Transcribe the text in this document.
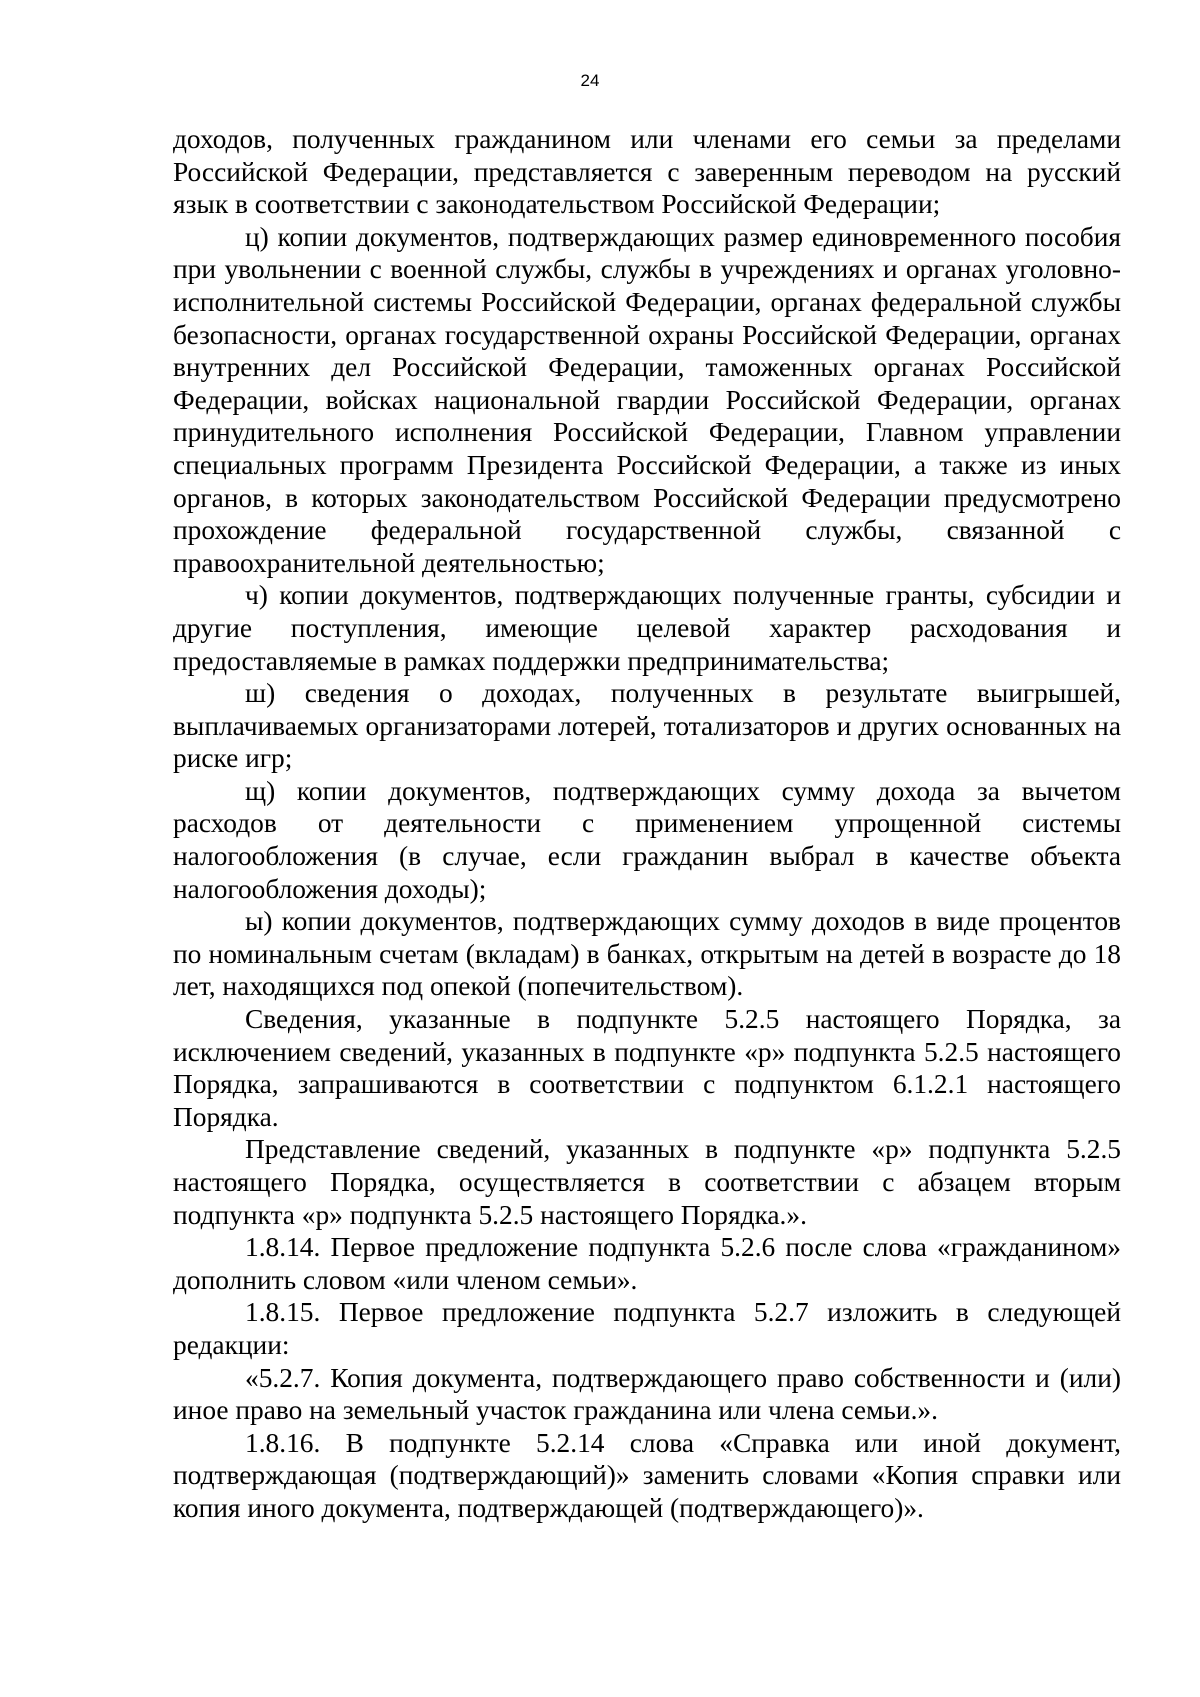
24

доходов, полученных гражданином или членами его семьи за пределами Российской Федерации, представляется с заверенным переводом на русский язык в соответствии с законодательством Российской Федерации;

ц) копии документов, подтверждающих размер единовременного пособия при увольнении с военной службы, службы в учреждениях и органах уголовно-исполнительной системы Российской Федерации, органах федеральной службы безопасности, органах государственной охраны Российской Федерации, органах внутренних дел Российской Федерации, таможенных органах Российской Федерации, войсках национальной гвардии Российской Федерации, органах принудительного исполнения Российской Федерации, Главном управлении специальных программ Президента Российской Федерации, а также из иных органов, в которых законодательством Российской Федерации предусмотрено прохождение федеральной государственной службы, связанной с правоохранительной деятельностью;

ч) копии документов, подтверждающих полученные гранты, субсидии и другие поступления, имеющие целевой характер расходования и предоставляемые в рамках поддержки предпринимательства;

ш) сведения о доходах, полученных в результате выигрышей, выплачиваемых организаторами лотерей, тотализаторов и других основанных на риске игр;

щ) копии документов, подтверждающих сумму дохода за вычетом расходов от деятельности с применением упрощенной системы налогообложения (в случае, если гражданин выбрал в качестве объекта налогообложения доходы);

ы) копии документов, подтверждающих сумму доходов в виде процентов по номинальным счетам (вкладам) в банках, открытым на детей в возрасте до 18 лет, находящихся под опекой (попечительством).

Сведения, указанные в подпункте 5.2.5 настоящего Порядка, за исключением сведений, указанных в подпункте «р» подпункта 5.2.5 настоящего Порядка, запрашиваются в соответствии с подпунктом 6.1.2.1 настоящего Порядка.

Представление сведений, указанных в подпункте «р» подпункта 5.2.5 настоящего Порядка, осуществляется в соответствии с абзацем вторым подпункта «р» подпункта 5.2.5 настоящего Порядка.».

1.8.14. Первое предложение подпункта 5.2.6 после слова «гражданином» дополнить словом «или членом семьи».

1.8.15. Первое предложение подпункта 5.2.7 изложить в следующей редакции:

«5.2.7. Копия документа, подтверждающего право собственности и (или) иное право на земельный участок гражданина или члена семьи.».

1.8.16. В подпункте 5.2.14 слова «Справка или иной документ, подтверждающая (подтверждающий)» заменить словами «Копия справки или копия иного документа, подтверждающей (подтверждающего)».
